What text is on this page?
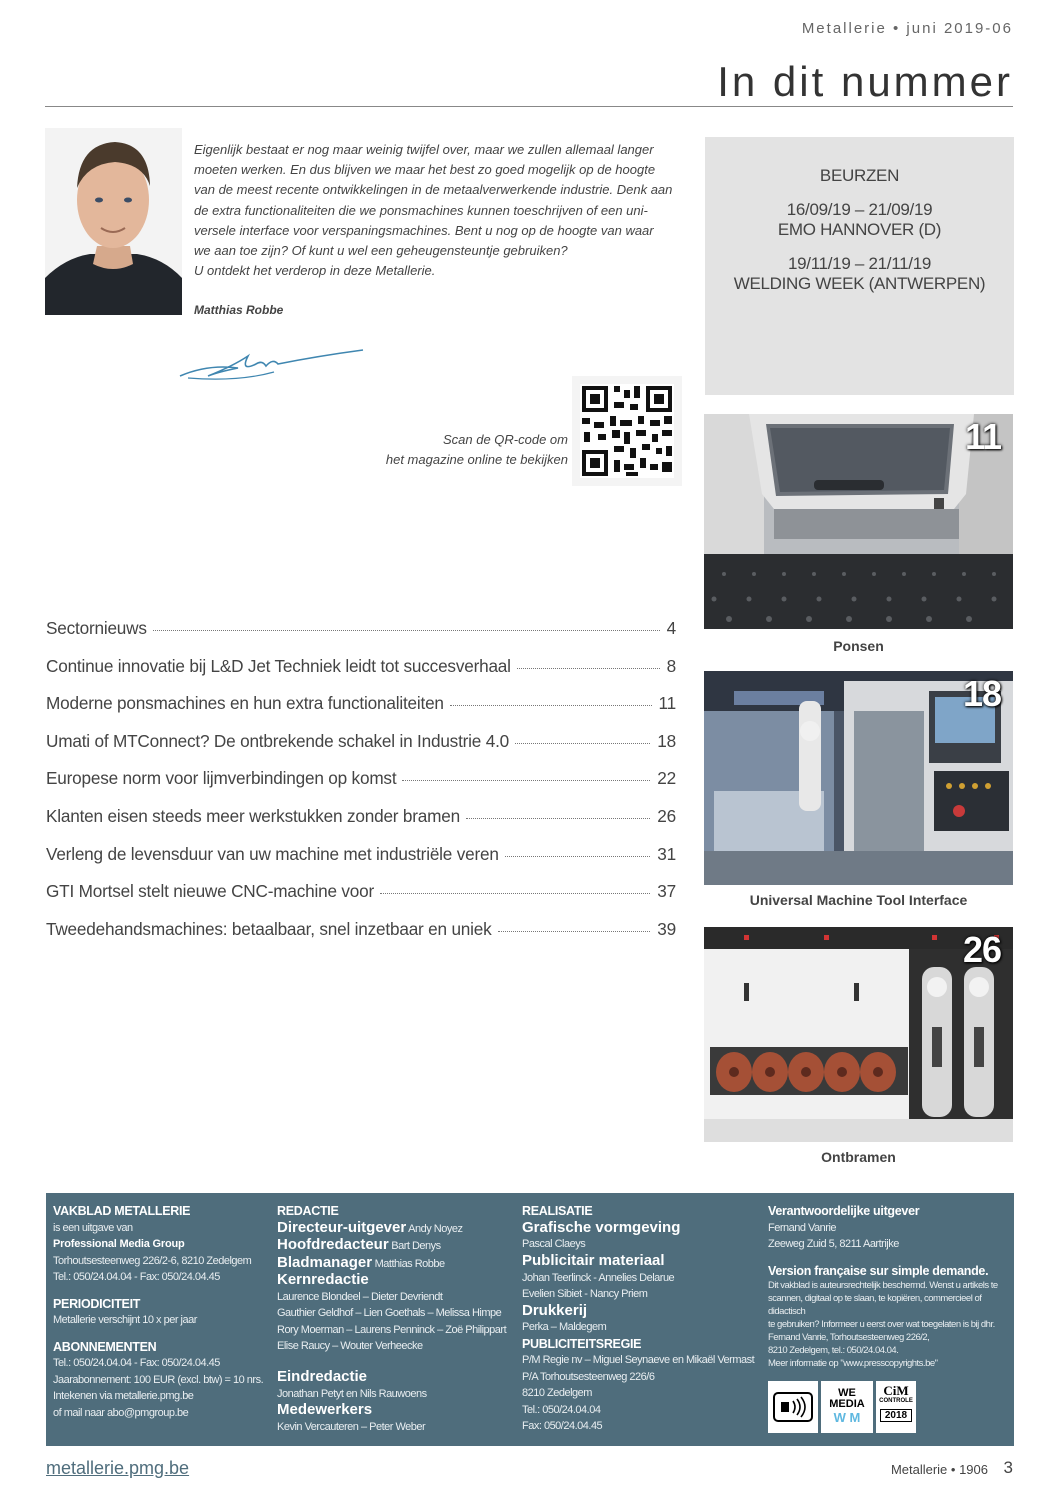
Metallerie • juni 2019-06
In dit nummer
Eigenlijk bestaat er nog maar weinig twijfel over, maar we zullen allemaal langer
moeten werken. En dus blijven we maar het best zo goed mogelijk op de hoogte
van de meest recente ontwikkelingen in de metaalverwerkende industrie. Denk aan
de extra functionaliteiten die we ponsmachines kunnen toeschrijven of een uni-
versele interface voor verspaningsmachines. Bent u nog op de hoogte van waar
we aan toe zijn? Of kunt u wel een geheugensteuntje gebruiken?
U ontdekt het verderop in deze Metallerie.
Matthias Robbe
Scan de QR-code om
het magazine online te bekijken
BEURZEN
16/09/19 – 21/09/19
EMO HANNOVER (D)
19/11/19 – 21/11/19
WELDING WEEK (ANTWERPEN)
Sectornieuws	4
Continue innovatie bij L&D Jet Techniek leidt tot succesverhaal	8
Moderne ponsmachines en hun extra functionaliteiten	11
Umati of MTConnect? De ontbrekende schakel in Industrie 4.0	18
Europese norm voor lijmverbindingen op komst	22
Klanten eisen steeds meer werkstukken zonder bramen	26
Verleng de levensduur van uw machine met industriële veren	31
GTI Mortsel stelt nieuwe CNC-machine voor	37
Tweedehandsmachines: betaalbaar, snel inzetbaar en uniek	39
11
Ponsen
18
Universal Machine Tool Interface
26
Ontbramen
VAKBLAD METALLERIE
is een uitgave van
Professional Media Group
Torhoutsesteenweg 226/2-6, 8210 Zedelgem
Tel.: 050/24.04.04 - Fax: 050/24.04.45
PERIODICITEIT
Metallerie verschijnt 10 x per jaar
ABONNEMENTEN
Tel.: 050/24.04.04 - Fax: 050/24.04.45
Jaarabonnement: 100 EUR (excl. btw) = 10 nrs.
Intekenen via metallerie.pmg.be
of mail naar abo@pmgroup.be
REDACTIE
Directeur-uitgever Andy Noyez
Hoofdredacteur Bart Denys
Bladmanager Matthias Robbe
Kernredactie
Laurence Blondeel – Dieter Devriendt
Gauthier Geldhof – Lien Goethals – Melissa Himpe
Rory Moerman – Laurens Penninck – Zoë Philippart
Elise Raucy – Wouter Verheecke
Eindredactie
Jonathan Petyt en Nils Rauwoens
Medewerkers
Kevin Vercauteren – Peter Weber
REALISATIE
Grafische vormgeving
Pascal Claeys
Publicitair materiaal
Johan Teerlinck - Annelies Delarue
Evelien Sibiet - Nancy Priem
Drukkerij
Perka – Maldegem
PUBLICITEITSREGIE
P/M Regie nv – Miguel Seynaeve en Mikaël Vermast
P/A Torhoutsesteenweg 226/6
8210 Zedelgem
Tel.: 050/24.04.04
Fax: 050/24.04.45
Verantwoordelijke uitgever
Fernand Vanrie
Zeeweg Zuid 5, 8211 Aartrijke
Version française sur simple demande.
Dit vakblad is auteursrechtelijk beschermd. Wenst u artikels te
scannen, digitaal op te slaan, te kopiëren, commercieel of didactisch
te gebruiken? Informeer u eerst over wat toegelaten is bij dhr.
Fernand Vanrie, Torhoutsesteenweg 226/2,
8210 Zedelgem, tel.: 050/24.04.04.
Meer informatie op "www.presscopyrights.be"
WE
MEDIA
W M
CiM
CONTROLE
2018
metallerie.pmg.be	Metallerie • 1906 3
